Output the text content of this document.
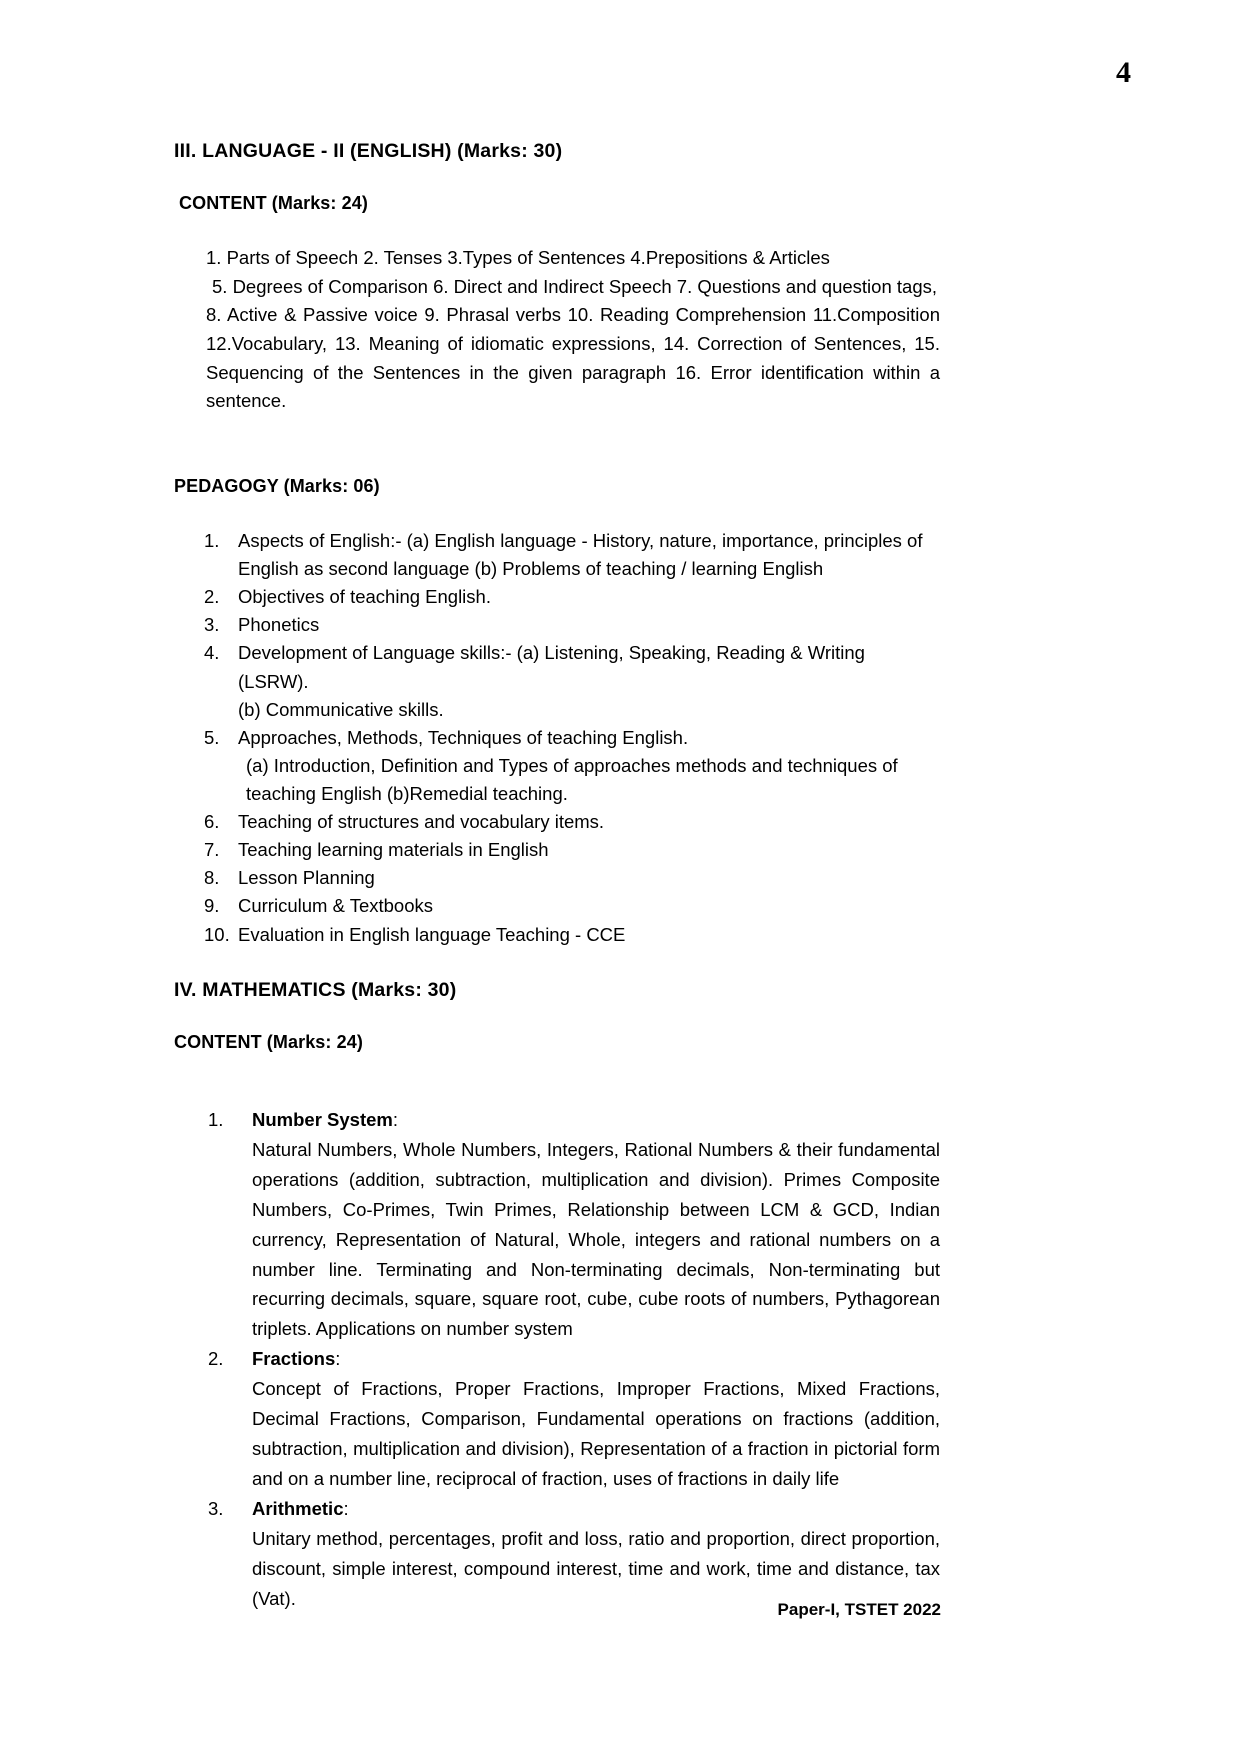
4
III. LANGUAGE - II (ENGLISH) (Marks: 30)
CONTENT (Marks: 24)

1. Parts of Speech 2. Tenses 3.Types of Sentences 4.Prepositions & Articles

5. Degrees of Comparison 6. Direct and Indirect Speech 7. Questions and question tags,

8. Active & Passive voice 9. Phrasal verbs 10. Reading Comprehension 11.Composition 12.Vocabulary, 13. Meaning of idiomatic expressions, 14. Correction of Sentences, 15. Sequencing of the Sentences in the given paragraph 16. Error identification within a sentence.

PEDAGOGY (Marks: 06)
1.	Aspects of English:- (a) English language - History, nature, importance, principles of
English as second language (b) Problems of teaching / learning English
2.	Objectives of teaching English.
3.	Phonetics
4.	Development of Language skills:- (a) Listening, Speaking, Reading & Writing (LSRW).
(b) Communicative skills.
5.	Approaches, Methods, Techniques of teaching English.
(a) Introduction, Definition and Types of approaches methods and techniques of
teaching English (b)Remedial teaching.
6.	Teaching of structures and vocabulary items.
7.	Teaching learning materials in English
8.	Lesson Planning
9.	Curriculum & Textbooks
10. Evaluation in English language Teaching - CCE
IV. MATHEMATICS (Marks: 30)
CONTENT (Marks: 24)
1. Number System:
Natural Numbers, Whole Numbers, Integers, Rational Numbers & their fundamental operations (addition, subtraction, multiplication and division). Primes Composite Numbers, Co-Primes, Twin Primes, Relationship between LCM & GCD, Indian currency, Representation of Natural, Whole, integers and rational numbers on a number line. Terminating and Non-terminating decimals, Non-terminating but recurring decimals, square, square root, cube, cube roots of numbers, Pythagorean triplets. Applications on number system
2. Fractions:
Concept of Fractions, Proper Fractions, Improper Fractions, Mixed Fractions, Decimal Fractions, Comparison, Fundamental operations on fractions (addition, subtraction, multiplication and division), Representation of a fraction in pictorial form and on a number line, reciprocal of fraction, uses of fractions in daily life
3. Arithmetic:
Unitary method, percentages, profit and loss, ratio and proportion, direct proportion, discount, simple interest, compound interest, time and work, time and distance, tax (Vat).
Paper-I, TSTET 2022
